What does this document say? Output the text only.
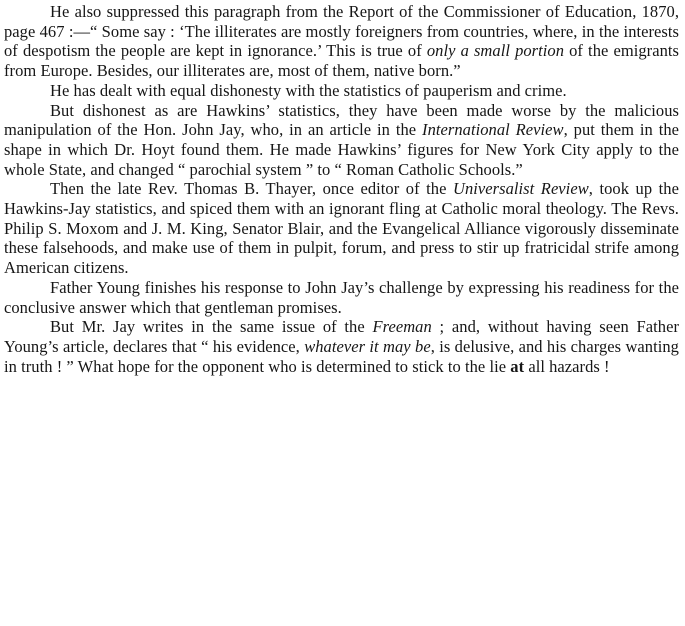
He also suppressed this paragraph from the Report of the Commissioner of Education, 1870, page 467 :—“ Some say : ‘The illiterates are mostly foreigners from countries, where, in the interests of despotism the people are kept in ignorance.’ This is true of only a small portion of the emigrants from Europe. Besides, our illiterates are, most of them, native born.”

He has dealt with equal dishonesty with the statistics of pauperism and crime.

But dishonest as are Hawkins’ statistics, they have been made worse by the malicious manipulation of the Hon. John Jay, who, in an article in the International Review, put them in the shape in which Dr. Hoyt found them. He made Hawkins’ figures for New York City apply to the whole State, and changed “ parochial system ” to “ Roman Catholic Schools.”

Then the late Rev. Thomas B. Thayer, once editor of the Universalist Review, took up the Hawkins-Jay statistics, and spiced them with an ignorant fling at Catholic moral theology. The Revs. Philip S. Moxom and J. M. King, Senator Blair, and the Evangelical Alliance vigorously disseminate these falsehoods, and make use of them in pulpit, forum, and press to stir up fratricidal strife among American citizens.

Father Young finishes his response to John Jay’s challenge by expressing his readiness for the conclusive answer which that gentleman promises.

But Mr. Jay writes in the same issue of the Freeman ; and, without having seen Father Young’s article, declares that “ his evidence, whatever it may be, is delusive, and his charges wanting in truth ! ” What hope for the opponent who is determined to stick to the lie at all hazards !
